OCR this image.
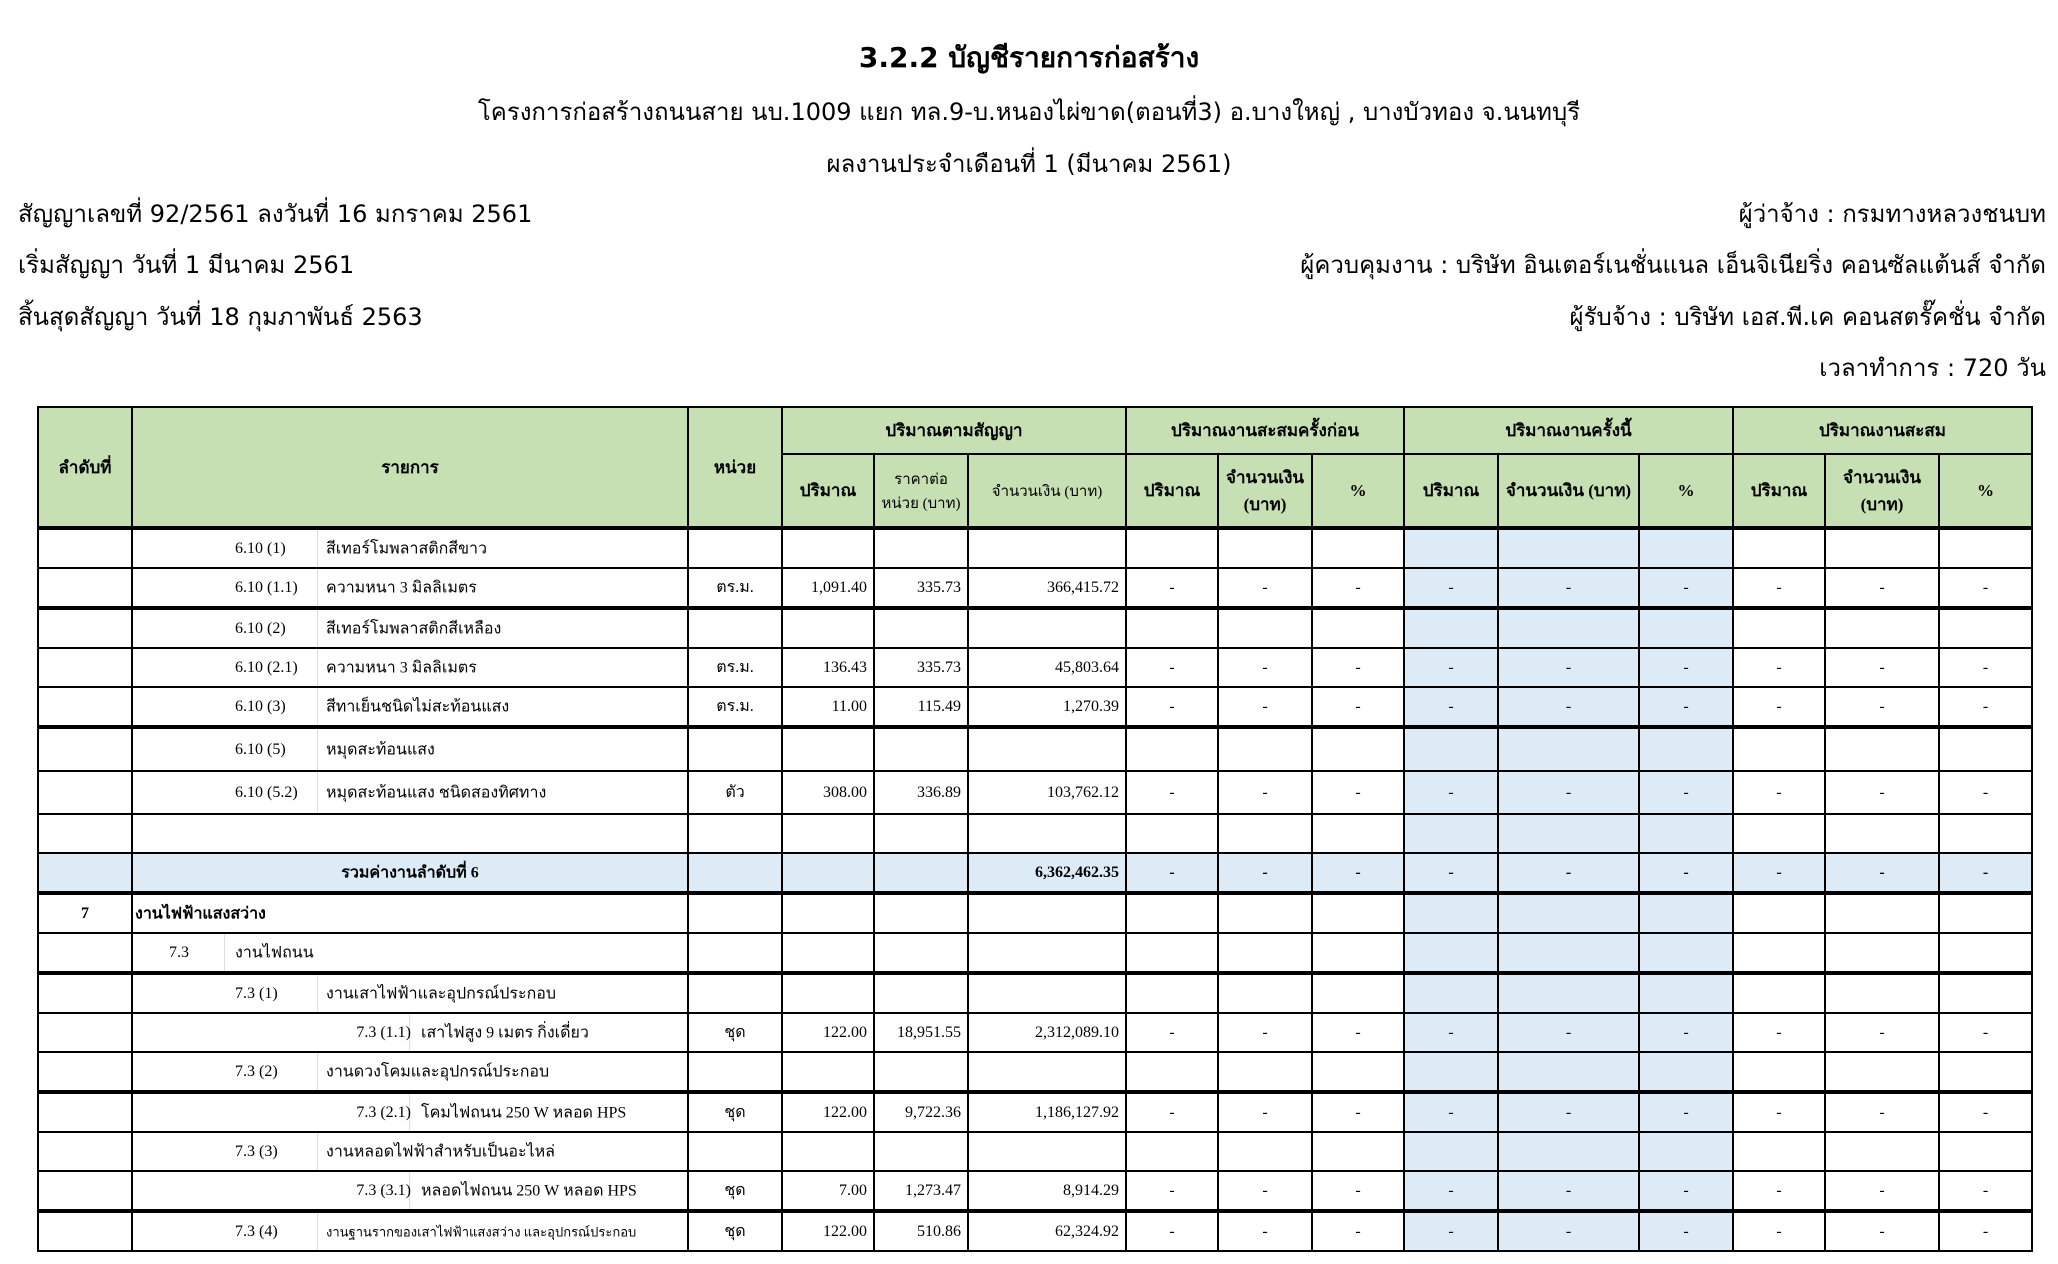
3.2.2 บัญชีรายการก่อสร้าง
โครงการก่อสร้างถนนสาย นบ.1009 แยก ทล.9-บ.หนองไผ่ขาด(ตอนที่3) อ.บางใหญ่ , บางบัวทอง จ.นนทบุรี
ผลงานประจำเดือนที่ 1 (มีนาคม 2561)
สัญญาเลขที่ 92/2561 ลงวันที่ 16 มกราคม 2561
เริ่มสัญญา วันที่ 1 มีนาคม 2561
สิ้นสุดสัญญา วันที่ 18 กุมภาพันธ์ 2563
ผู้ว่าจ้าง : กรมทางหลวงชนบท
ผู้ควบคุมงาน : บริษัท อินเตอร์เนชั่นแนล เอ็นจิเนียริ่ง คอนซัลแต้นส์ จำกัด
ผู้รับจ้าง : บริษัท เอส.พี.เค คอนสตรั๊คชั่น จำกัด
เวลาทำการ : 720 วัน
ลำดับที่	รายการ	หน่วย	ปริมาณตามสัญญา			ปริมาณงานสะสมครั้งก่อน			ปริมาณงานครั้งนี้			ปริมาณงานสะสม		
			ปริมาณ	ราคาต่อหน่วย (บาท)	จำนวนเงิน (บาท)	ปริมาณ	จำนวนเงิน (บาท)	%	ปริมาณ	จำนวนเงิน (บาท)	%	ปริมาณ	จำนวนเงิน (บาท)	%

	6.10 (1) สีเทอร์โมพลาสติกสีขาว													

	6.10 (1.1) ความหนา 3 มิลลิเมตร	ตร.ม.	1,091.40	335.73	366,415.72	-	-	-	-	-	-	-	-	-

	6.10 (2) สีเทอร์โมพลาสติกสีเหลือง													

	6.10 (2.1) ความหนา 3 มิลลิเมตร	ตร.ม.	136.43	335.73	45,803.64	-	-	-	-	-	-	-	-	-

	6.10 (3) สีทาเย็นชนิดไม่สะท้อนแสง	ตร.ม.	11.00	115.49	1,270.39	-	-	-	-	-	-	-	-	-

	6.10 (5) หมุดสะท้อนแสง													

	6.10 (5.2) หมุดสะท้อนแสง ชนิดสองทิศทาง	ตัว	308.00	336.89	103,762.12	-	-	-	-	-	-	-	-	-

	รวมค่างานลำดับที่ 6				6,362,462.35	-	-	-	-	-	-	-	-	-
7	งานไฟฟ้าแสงสว่าง													

	7.3 งานไฟถนน													

	7.3 (1) งานเสาไฟฟ้าและอุปกรณ์ประกอบ													

	7.3 (1.1) เสาไฟสูง 9 เมตร กิ่งเดี่ยว	ชุด	122.00	18,951.55	2,312,089.10	-	-	-	-	-	-	-	-	-

	7.3 (2) งานดวงโคมและอุปกรณ์ประกอบ													

	7.3 (2.1) โคมไฟถนน 250 W หลอด HPS	ชุด	122.00	9,722.36	1,186,127.92	-	-	-	-	-	-	-	-	-

	7.3 (3) งานหลอดไฟฟ้าสำหรับเป็นอะไหล่													

	7.3 (3.1) หลอดไฟถนน 250 W หลอด HPS	ชุด	7.00	1,273.47	8,914.29	-	-	-	-	-	-	-	-	-

	7.3 (4) งานฐานรากของเสาไฟฟ้าแสงสว่าง และอุปกรณ์ประกอบ	ชุด	122.00	510.86	62,324.92	-	-	-	-	-	-	-	-	-
